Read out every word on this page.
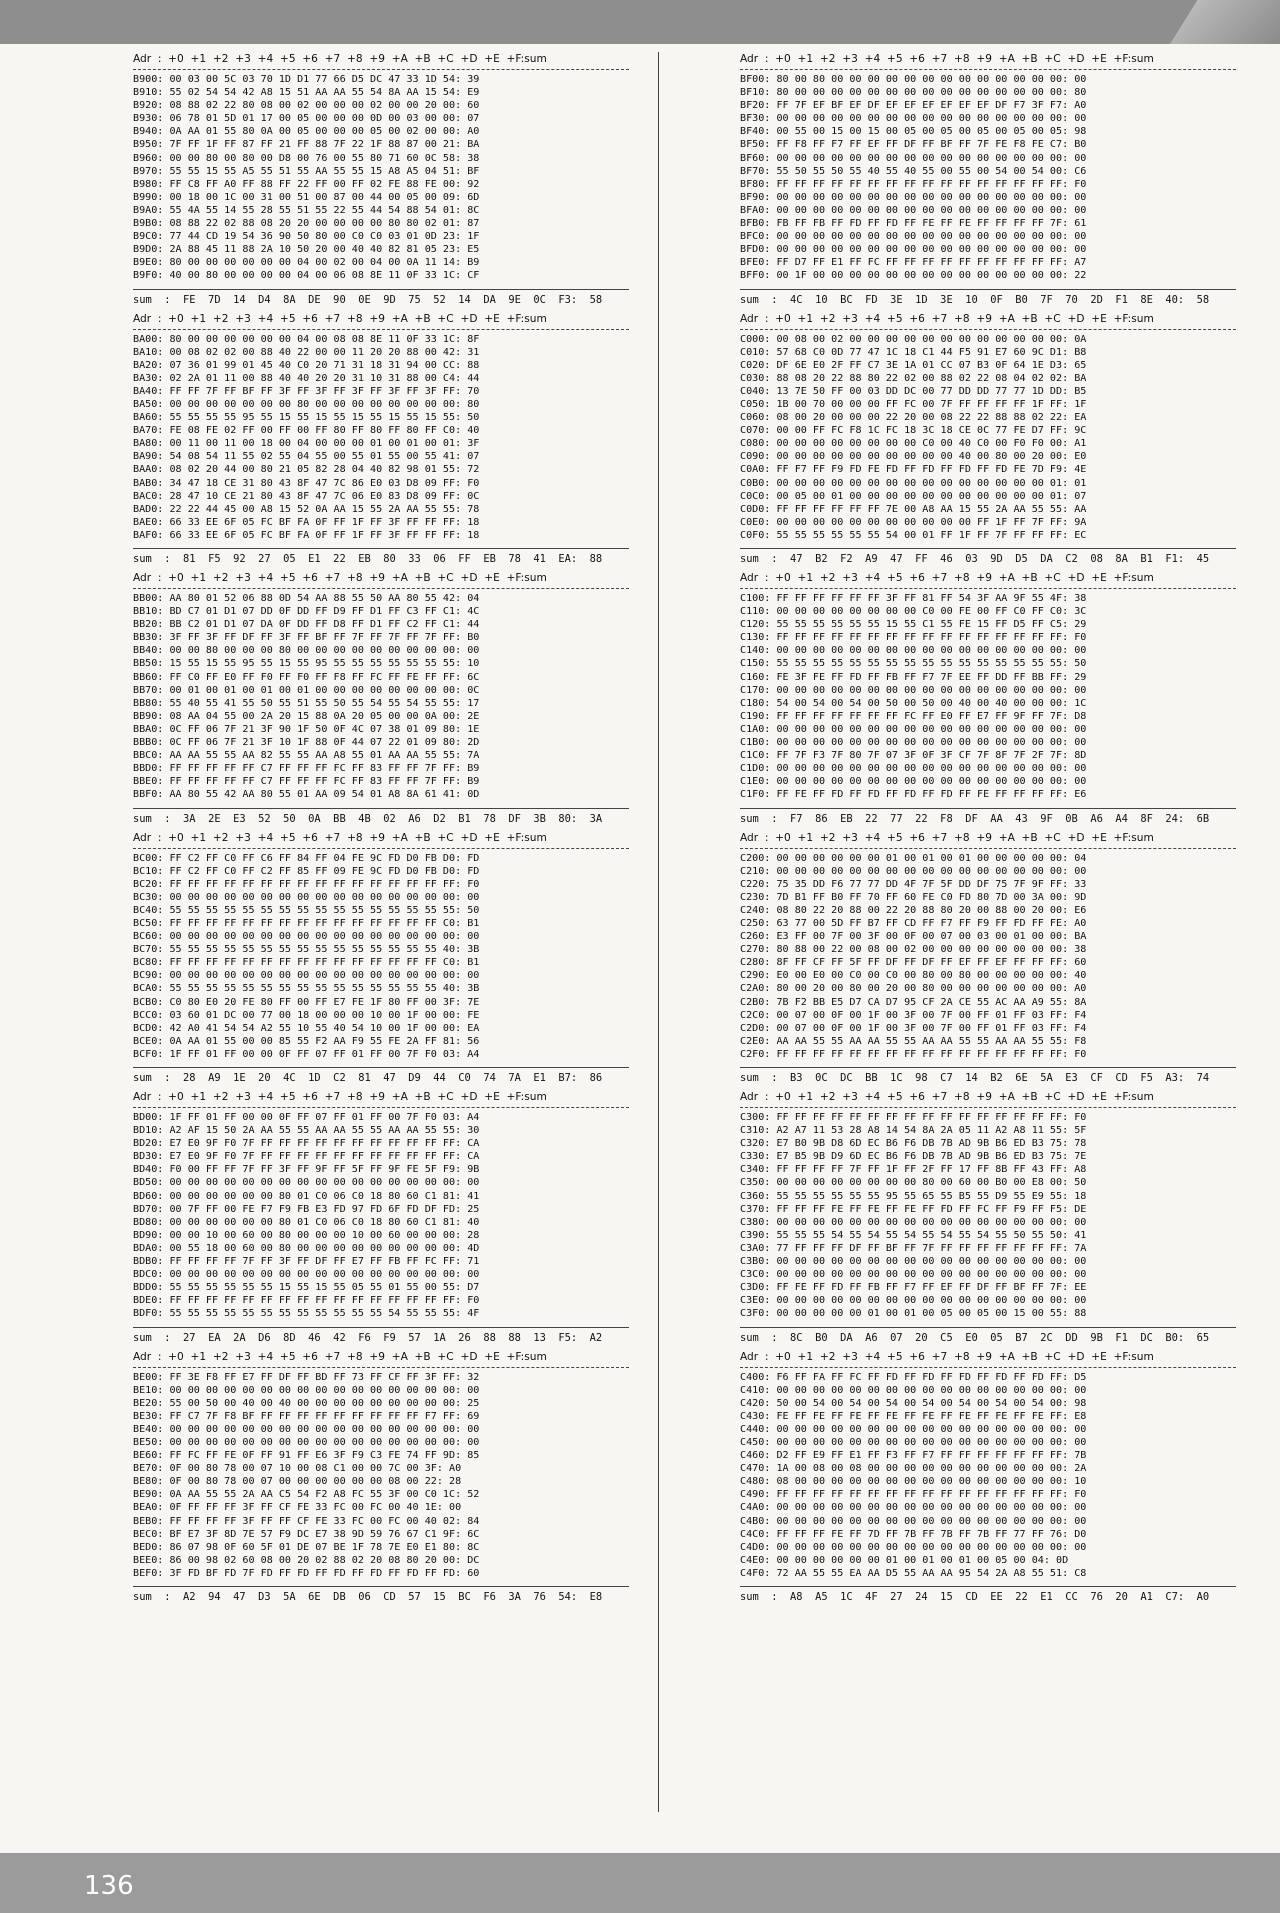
Adr  :  +0  +1  +2  +3  +4  +5  +6  +7  +8  +9  +A  +B  +C  +D  +E  +F:sum
B900: 00 03 00 5C 03 70 1D D1 77 66 D5 DC 47 33 1D 54: 39
B910: 55 02 54 54 42 A8 15 51 AA AA 55 54 8A AA 15 54: E9
B920: 08 88 02 22 80 08 00 02 00 00 00 02 00 00 20 00: 60
B930: 06 78 01 5D 01 17 00 05 00 00 00 0D 00 03 00 00: 07
B940: 0A AA 01 55 80 0A 00 05 00 00 00 05 00 02 00 00: A0
B950: 7F FF 1F FF 87 FF 21 FF 88 7F 22 1F 88 87 00 21: BA
B960: 00 00 80 00 80 00 D8 00 76 00 55 80 71 60 0C 58: 38
B970: 55 55 15 55 A5 55 51 55 AA 55 55 15 A8 A5 04 51: BF
B980: FF C8 FF A0 FF 88 FF 22 FF 00 FF 02 FE 88 FE 00: 92
B990: 00 18 00 1C 00 31 00 51 00 87 00 44 00 05 00 09: 6D
B9A0: 55 4A 55 14 55 28 55 51 55 22 55 44 54 88 54 01: 8C
B9B0: 08 88 22 02 88 08 20 20 00 00 00 00 80 80 02 01: 87
B9C0: 77 44 CD 19 54 36 90 50 80 00 C0 C0 03 01 0D 23: 1F
B9D0: 2A 88 45 11 88 2A 10 50 20 00 40 40 82 81 05 23: E5
B9E0: 80 00 00 00 00 00 00 04 00 02 00 04 00 0A 11 14: B9
B9F0: 40 00 80 00 00 00 00 04 00 06 08 8E 11 0F 33 1C: CF
sum  :  FE  7D  14  D4  8A  DE  90  0E  9D  75  52  14  DA  9E  0C  F3:  58
Adr  :  +0  +1  +2  +3  +4  +5  +6  +7  +8  +9  +A  +B  +C  +D  +E  +F:sum
BA00: 80 00 00 00 00 00 00 04 00 08 08 8E 11 0F 33 1C: 8F
BA10: 00 08 02 02 00 88 40 22 00 00 11 20 20 88 00 42: 31
BA20: 07 36 01 99 01 45 40 C0 20 71 31 18 31 94 00 CC: 88
BA30: 02 2A 01 11 00 88 40 40 20 20 31 10 31 88 00 C4: 44
BA40: FF FF 7F FF BF FF 3F FF 3F FF 3F FF 3F FF 3F FF: 70
BA50: 00 00 00 00 00 00 00 80 00 00 00 00 00 00 00 00: 80
BA60: 55 55 55 55 95 55 15 55 15 55 15 55 15 55 15 55: 50
BA70: FE 08 FE 02 FF 00 FF 00 FF 80 FF 80 FF 80 FF C0: 40
BA80: 00 11 00 11 00 18 00 04 00 00 00 01 00 01 00 01: 3F
BA90: 54 08 54 11 55 02 55 04 55 00 55 01 55 00 55 41: 07
BAA0: 08 02 20 44 00 80 21 05 82 28 04 40 82 98 01 55: 72
BAB0: 34 47 18 CE 31 80 43 8F 47 7C 86 E0 03 D8 09 FF: F0
BAC0: 28 47 10 CE 21 80 43 8F 47 7C 06 E0 83 D8 09 FF: 0C
BAD0: 22 22 44 45 00 A8 15 52 0A AA 15 55 2A AA 55 55: 78
BAE0: 66 33 EE 6F 05 FC BF FA 0F FF 1F FF 3F FF FF FF: 18
BAF0: 66 33 EE 6F 05 FC BF FA 0F FF 1F FF 3F FF FF FF: 18
sum  :  81  F5  92  27  05  E1  22  EB  80  33  06  FF  EB  78  41  EA:  88
Adr  :  +0  +1  +2  +3  +4  +5  +6  +7  +8  +9  +A  +B  +C  +D  +E  +F:sum
BB00: AA 80 01 52 06 88 0D 54 AA 88 55 50 AA 80 55 42: 04
BB10: BD C7 01 D1 07 DD 0F DD FF D9 FF D1 FF C3 FF C1: 4C
BB20: BB C2 01 D1 07 DA 0F DD FF D8 FF D1 FF C2 FF C1: 44
BB30: 3F FF 3F FF DF FF 3F FF BF FF 7F FF 7F FF 7F FF: B0
BB40: 00 00 80 00 00 00 80 00 00 00 00 00 00 00 00 00: 00
BB50: 15 55 15 55 95 55 15 55 95 55 55 55 55 55 55 55: 10
BB60: FF C0 FF E0 FF F0 FF F0 FF F8 FF FC FF FE FF FF: 6C
BB70: 00 01 00 01 00 01 00 01 00 00 00 00 00 00 00 00: 0C
BB80: 55 40 55 41 55 50 55 51 55 50 55 54 55 54 55 55: 17
BB90: 08 AA 04 55 00 2A 20 15 88 0A 20 05 00 00 0A 00: 2E
BBA0: 0C FF 06 7F 21 3F 90 1F 50 0F 4C 07 38 01 09 80: 1E
BBB0: 0C FF 06 7F 21 3F 10 1F 88 0F 44 07 22 01 09 80: 2D
BBC0: AA AA 55 55 AA 82 55 55 AA A8 55 01 AA AA 55 55: 7A
BBD0: FF FF FF FF FF C7 FF FF FF FC FF 83 FF FF 7F FF: B9
BBE0: FF FF FF FF FF C7 FF FF FF FC FF 83 FF FF 7F FF: B9
BBF0: AA 80 55 42 AA 80 55 01 AA 09 54 01 A8 8A 61 41: 0D
sum  :  3A  2E  E3  52  50  0A  BB  4B  02  A6  D2  B1  78  DF  3B  80:  3A
Adr  :  +0  +1  +2  +3  +4  +5  +6  +7  +8  +9  +A  +B  +C  +D  +E  +F:sum
BC00: FF C2 FF C0 FF C6 FF 84 FF 04 FE 9C FD D0 FB D0: FD
BC10: FF C2 FF C0 FF C2 FF 85 FF 09 FE 9C FD D0 FB D0: FD
BC20: FF FF FF FF FF FF FF FF FF FF FF FF FF FF FF FF: F0
BC30: 00 00 00 00 00 00 00 00 00 00 00 00 00 00 00 00: 00
BC40: 55 55 55 55 55 55 55 55 55 55 55 55 55 55 55 55: 50
BC50: FF FF FF FF FF FF FF FF FF FF FF FF FF FF FF C0: B1
BC60: 00 00 00 00 00 00 00 00 00 00 00 00 00 00 00 00: 00
BC70: 55 55 55 55 55 55 55 55 55 55 55 55 55 55 55 40: 3B
BC80: FF FF FF FF FF FF FF FF FF FF FF FF FF FF FF C0: B1
BC90: 00 00 00 00 00 00 00 00 00 00 00 00 00 00 00 00: 00
BCA0: 55 55 55 55 55 55 55 55 55 55 55 55 55 55 55 40: 3B
BCB0: C0 80 E0 20 FE 80 FF 00 FF E7 FE 1F 80 FF 00 3F: 7E
BCC0: 03 60 01 DC 00 77 00 18 00 00 00 10 00 1F 00 00: FE
BCD0: 42 A0 41 54 54 A2 55 10 55 40 54 10 00 1F 00 00: EA
BCE0: 0A AA 01 55 00 00 85 55 F2 AA F9 55 FE 2A FF 81: 56
BCF0: 1F FF 01 FF 00 00 0F FF 07 FF 01 FF 00 7F F0 03: A4
sum  :  28  A9  1E  20  4C  1D  C2  81  47  D9  44  C0  74  7A  E1  B7:  86
Adr  :  +0  +1  +2  +3  +4  +5  +6  +7  +8  +9  +A  +B  +C  +D  +E  +F:sum
BD00: 1F FF 01 FF 00 00 0F FF 07 FF 01 FF 00 7F F0 03: A4
BD10: A2 AF 15 50 2A AA 55 55 AA AA 55 55 AA AA 55 55: 30
BD20: E7 E0 9F F0 7F FF FF FF FF FF FF FF FF FF FF FF: CA
BD30: E7 E0 9F F0 7F FF FF FF FF FF FF FF FF FF FF FF: CA
BD40: F0 00 FF FF 7F FF 3F FF 9F FF 5F FF 9F FE 5F F9: 9B
BD50: 00 00 00 00 00 00 00 00 00 00 00 00 00 00 00 00: 00
BD60: 00 00 00 00 00 00 80 01 C0 06 C0 18 80 60 C1 81: 41
BD70: 00 7F FF 00 FE F7 F9 FB E3 FD 97 FD 6F FD DF FD: 25
BD80: 00 00 00 00 00 00 80 01 C0 06 C0 18 80 60 C1 81: 40
BD90: 00 00 10 00 60 00 80 00 00 00 10 00 60 00 00 00: 28
BDA0: 00 55 18 00 60 00 80 00 00 00 00 00 00 00 00 00: 4D
BDB0: FF FF FF FF 7F FF 3F FF DF FF E7 FF FB FF FC FF: 71
BDC0: 00 00 00 00 00 00 00 00 00 00 00 00 00 00 00 00: 00
BDD0: 55 55 55 55 55 55 15 55 15 55 05 55 01 55 00 55: D7
BDE0: FF FF FF FF FF FF FF FF FF FF FF FF FF FF FF FF: F0
BDF0: 55 55 55 55 55 55 55 55 55 55 55 55 54 55 55 55: 4F
sum  :  27  EA  2A  D6  8D  46  42  F6  F9  57  1A  26  88  88  13  F5:  A2
Adr  :  +0  +1  +2  +3  +4  +5  +6  +7  +8  +9  +A  +B  +C  +D  +E  +F:sum
BE00: FF 3E F8 FF E7 FF DF FF BD FF 73 FF CF FF 3F FF: 32
BE10: 00 00 00 00 00 00 00 00 00 00 00 00 00 00 00 00: 00
BE20: 55 00 50 00 40 00 40 00 00 00 00 00 00 00 00 00: 25
BE30: FF C7 7F F8 BF FF FF FF FF FF FF FF FF FF F7 FF: 69
BE40: 00 00 00 00 00 00 00 00 00 00 00 00 00 00 00 00: 00
BE50: 00 00 00 00 00 00 00 00 00 00 00 00 00 00 00 00: 00
BE60: FF FC FF FE 0F FF 91 FF E6 3F F9 C3 FE 74 FF 9D: 85
BE70: 0F 00 80 78 00 07 10 00 08 C1 00 00 7C 00 3F: A0
BE80: 0F 00 80 78 00 07 00 00 00 00 00 00 08 00 22: 28
BE90: 0A AA 55 55 2A AA C5 54 F2 A8 FC 55 3F 00 C0 1C: 52
BEA0: 0F FF FF FF 3F FF CF FE 33 FC 00 FC 00 40 1E: 00
BEB0: FF FF FF FF 3F FF FF CF FE 33 FC 00 FC 00 40 02: 84
BEC0: BF E7 3F 8D 7E 57 F9 DC E7 38 9D 59 76 67 C1 9F: 6C
BED0: 86 07 98 0F 60 5F 01 DE 07 BE 1F 78 7E E0 E1 80: 8C
BEE0: 86 00 98 02 60 08 00 20 02 88 02 20 08 80 20 00: DC
BEF0: 3F FD BF FD 7F FD FF FD FF FD FF FD FF FD FF FD: 60
sum  :  A2  94  47  D3  5A  6E  DB  06  CD  57  15  BC  F6  3A  76  54:  E8
Adr  :  +0  +1  +2  +3  +4  +5  +6  +7  +8  +9  +A  +B  +C  +D  +E  +F:sum
BF00: 80 00 80 00 00 00 00 00 00 00 00 00 00 00 00 00: 00
BF10: 80 00 00 00 00 00 00 00 00 00 00 00 00 00 00 00: 80
BF20: FF 7F EF BF EF DF EF EF EF EF EF EF DF F7 3F F7: A0
BF30: 00 00 00 00 00 00 00 00 00 00 00 00 00 00 00 00: 00
BF40: 00 55 00 15 00 15 00 05 00 05 00 05 00 05 00 05: 98
BF50: FF F8 FF F7 FF EF FF DF FF BF FF 7F FE F8 FE C7: B0
BF60: 00 00 00 00 00 00 00 00 00 00 00 00 00 00 00 00: 00
BF70: 55 50 55 50 55 40 55 40 55 00 55 00 54 00 54 00: C6
BF80: FF FF FF FF FF FF FF FF FF FF FF FF FF FF FF FF: F0
BF90: 00 00 00 00 00 00 00 00 00 00 00 00 00 00 00 00: 00
BFA0: 00 00 00 00 00 00 00 00 00 00 00 00 00 00 00 00: 00
BFB0: FB FF FB FF FD FF FD FF FE FF FE FF FF FF FF 7F: 61
BFC0: 00 00 00 00 00 00 00 00 00 00 00 00 00 00 00 00: 00
BFD0: 00 00 00 00 00 00 00 00 00 00 00 00 00 00 00 00: 00
BFE0: FF D7 FF E1 FF FC FF FF FF FF FF FF FF FF FF FF: A7
BFF0: 00 1F 00 00 00 00 00 00 00 00 00 00 00 00 00 00: 22
sum  :  4C  10  BC  FD  3E  1D  3E  10  0F  B0  7F  70  2D  F1  8E  40:  58
Adr  :  +0  +1  +2  +3  +4  +5  +6  +7  +8  +9  +A  +B  +C  +D  +E  +F:sum
C000: 00 08 00 02 00 00 00 00 00 00 00 00 00 00 00 00: 0A
C010: 57 68 C0 0D 77 47 1C 18 C1 44 F5 91 E7 60 9C D1: B8
C020: DF 6E E0 2F FF C7 3E 1A 01 CC 07 B3 0F 64 1E D3: 65
C030: 88 08 20 22 88 80 22 02 00 88 02 22 08 04 02 02: BA
C040: 13 7E 50 FF 00 03 DD DC 00 77 DD DD 77 77 1D DD: B5
C050: 1B 00 70 00 00 00 FF FC 00 7F FF FF FF FF 1F FF: 1F
C060: 08 00 20 00 00 00 22 20 00 08 22 22 88 88 02 22: EA
C070: 00 00 FF FC F8 1C FC 18 3C 18 CE 0C 77 FE D7 FF: 9C
C080: 00 00 00 00 00 00 00 00 C0 00 40 C0 00 F0 F0 00: A1
C090: 00 00 00 00 00 00 00 00 00 00 40 00 80 00 20 00: E0
C0A0: FF F7 FF F9 FD FE FD FF FD FF FD FF FD FE 7D F9: 4E
C0B0: 00 00 00 00 00 00 00 00 00 00 00 00 00 00 00 01: 01
C0C0: 00 05 00 01 00 00 00 00 00 00 00 00 00 00 00 01: 07
C0D0: FF FF FF FF FF FF 7E 00 A8 AA 15 55 2A AA 55 55: AA
C0E0: 00 00 00 00 00 00 00 00 00 00 00 FF 1F FF 7F FF: 9A
C0F0: 55 55 55 55 55 55 54 00 01 FF 1F FF 7F FF FF FF: EC
sum  :  47  B2  F2  A9  47  FF  46  03  9D  D5  DA  C2  08  8A  B1  F1:  45
Adr  :  +0  +1  +2  +3  +4  +5  +6  +7  +8  +9  +A  +B  +C  +D  +E  +F:sum
C100: FF FF FF FF FF FF 3F FF 81 FF 54 3F AA 9F 55 4F: 38
C110: 00 00 00 00 00 00 00 00 C0 00 FE 00 FF C0 FF C0: 3C
C120: 55 55 55 55 55 55 15 55 C1 55 FE 15 FF D5 FF C5: 29
C130: FF FF FF FF FF FF FF FF FF FF FF FF FF FF FF FF: F0
C140: 00 00 00 00 00 00 00 00 00 00 00 00 00 00 00 00: 00
C150: 55 55 55 55 55 55 55 55 55 55 55 55 55 55 55 55: 50
C160: FE 3F FE FF FD FF FB FF F7 7F EE FF DD FF BB FF: 29
C170: 00 00 00 00 00 00 00 00 00 00 00 00 00 00 00 00: 00
C180: 54 00 54 00 54 00 50 00 50 00 40 00 40 00 00 00: 1C
C190: FF FF FF FF FF FF FF FC FF E0 FF E7 FF 9F FF 7F: D8
C1A0: 00 00 00 00 00 00 00 00 00 00 00 00 00 00 00 00: 00
C1B0: 00 00 00 00 00 00 00 00 00 00 00 00 00 00 00 00: 00
C1C0: FF 7F F3 7F 80 7F 07 3F 0F 3F CF 7F 8F 7F 2F 7F: 8D
C1D0: 00 00 00 00 00 00 00 00 00 00 00 00 00 00 00 00: 00
C1E0: 00 00 00 00 00 00 00 00 00 00 00 00 00 00 00 00: 00
C1F0: FF FE FF FD FF FD FF FD FF FD FF FE FF FF FF FF: E6
sum  :  F7  86  EB  22  77  22  F8  DF  AA  43  9F  0B  A6  A4  8F  24:  6B
Adr  :  +0  +1  +2  +3  +4  +5  +6  +7  +8  +9  +A  +B  +C  +D  +E  +F:sum
C200: 00 00 00 00 00 00 01 00 01 00 01 00 00 00 00 00: 04
C210: 00 00 00 00 00 00 00 00 00 00 00 00 00 00 00 00: 00
C220: 75 35 DD F6 77 77 DD 4F 7F 5F DD DF 75 7F 9F FF: 33
C230: 7D B1 FF B0 FF 70 FF 60 FE C0 FD 80 7D 00 3A 00: 9D
C240: 08 80 22 20 88 00 22 20 88 80 20 00 88 00 20 00: E6
C250: 63 77 00 5D FF B7 FF CD FF F7 FF F9 FF FD FF FE: A0
C260: E3 FF 00 7F 00 3F 00 0F 00 07 00 03 00 01 00 00: BA
C270: 80 88 00 22 00 08 00 02 00 00 00 00 00 00 00 00: 38
C280: 8F FF CF FF 5F FF DF FF DF FF EF FF EF FF FF FF: 60
C290: E0 00 E0 00 C0 00 C0 00 80 00 80 00 00 00 00 00: 40
C2A0: 80 00 20 00 80 00 20 00 80 00 00 00 00 00 00 00: A0
C2B0: 7B F2 BB E5 D7 CA D7 95 CF 2A CE 55 AC AA A9 55: 8A
C2C0: 00 07 00 0F 00 1F 00 3F 00 7F 00 FF 01 FF 03 FF: F4
C2D0: 00 07 00 0F 00 1F 00 3F 00 7F 00 FF 01 FF 03 FF: F4
C2E0: AA AA 55 55 AA AA 55 55 AA AA 55 55 AA AA 55 55: F8
C2F0: FF FF FF FF FF FF FF FF FF FF FF FF FF FF FF FF: F0
sum  :  B3  0C  DC  BB  1C  98  C7  14  B2  6E  5A  E3  CF  CD  F5  A3:  74
Adr  :  +0  +1  +2  +3  +4  +5  +6  +7  +8  +9  +A  +B  +C  +D  +E  +F:sum
C300: FF FF FF FF FF FF FF FF FF FF FF FF FF FF FF FF: F0
C310: A2 A7 11 53 28 A8 14 54 8A 2A 05 11 A2 A8 11 55: 5F
C320: E7 B0 9B D8 6D EC B6 F6 DB 7B AD 9B B6 ED B3 75: 78
C330: E7 B5 9B D9 6D EC B6 F6 DB 7B AD 9B B6 ED B3 75: 7E
C340: FF FF FF FF 7F FF 1F FF 2F FF 17 FF 8B FF 43 FF: A8
C350: 00 00 00 00 00 00 00 00 80 00 60 00 B0 00 E8 00: 50
C360: 55 55 55 55 55 55 95 55 65 55 B5 55 D9 55 E9 55: 18
C370: FF FF FF FE FF FE FF FE FF FD FF FC FF F9 FF F5: DE
C380: 00 00 00 00 00 00 00 00 00 00 00 00 00 00 00 00: 00
C390: 55 55 55 54 55 54 55 54 55 54 55 54 55 50 55 50: 41
C3A0: 77 FF FF FF DF FF BF FF 7F FF FF FF FF FF FF FF: 7A
C3B0: 00 00 00 00 00 00 00 00 00 00 00 00 00 00 00 00: 00
C3C0: 00 00 00 00 00 00 00 00 00 00 00 00 00 00 00 00: 00
C3D0: FF FE FF FD FF FB FF F7 FF EF FF DF FF BF FF 7F: EE
C3E0: 00 00 00 00 00 00 00 00 00 00 00 00 00 00 00 00: 00
C3F0: 00 00 00 00 00 01 00 01 00 05 00 05 00 15 00 55: 88
sum  :  8C  B0  DA  A6  07  20  C5  E0  05  B7  2C  DD  9B  F1  DC  B0:  65
Adr  :  +0  +1  +2  +3  +4  +5  +6  +7  +8  +9  +A  +B  +C  +D  +E  +F:sum
C400: F6 FF FA FF FC FF FD FF FD FF FD FF FD FF FD FF: D5
C410: 00 00 00 00 00 00 00 00 00 00 00 00 00 00 00 00: 00
C420: 50 00 54 00 54 00 54 00 54 00 54 00 54 00 54 00: 98
C430: FE FF FE FF FE FF FE FF FE FF FE FF FE FF FE FF: E8
C440: 00 00 00 00 00 00 00 00 00 00 00 00 00 00 00 00: 00
C450: 00 00 00 00 00 00 00 00 00 00 00 00 00 00 00 00: 00
C460: D2 FF E9 FF E1 FF F3 FF F7 FF FF FF FF FF FF FF: 7B
C470: 1A 00 08 00 08 00 00 00 00 00 00 00 00 00 00 00: 2A
C480: 08 00 00 00 00 00 00 00 00 00 00 00 00 00 00 00: 10
C490: FF FF FF FF FF FF FF FF FF FF FF FF FF FF FF FF: F0
C4A0: 00 00 00 00 00 00 00 00 00 00 00 00 00 00 00 00: 00
C4B0: 00 00 00 00 00 00 00 00 00 00 00 00 00 00 00 00: 00
C4C0: FF FF FF FE FF 7D FF 7B FF 7B FF 7B FF 77 FF 76: D0
C4D0: 00 00 00 00 00 00 00 00 00 00 00 00 00 00 00 00: 00
C4E0: 00 00 00 00 00 00 01 00 01 00 01 00 05 00 04: 0D
C4F0: 72 AA 55 55 EA AA D5 55 AA AA 95 54 2A A8 55 51: C8
sum  :  A8  A5  1C  4F  27  24  15  CD  EE  22  E1  CC  76  20  A1  C7:  A0
136
